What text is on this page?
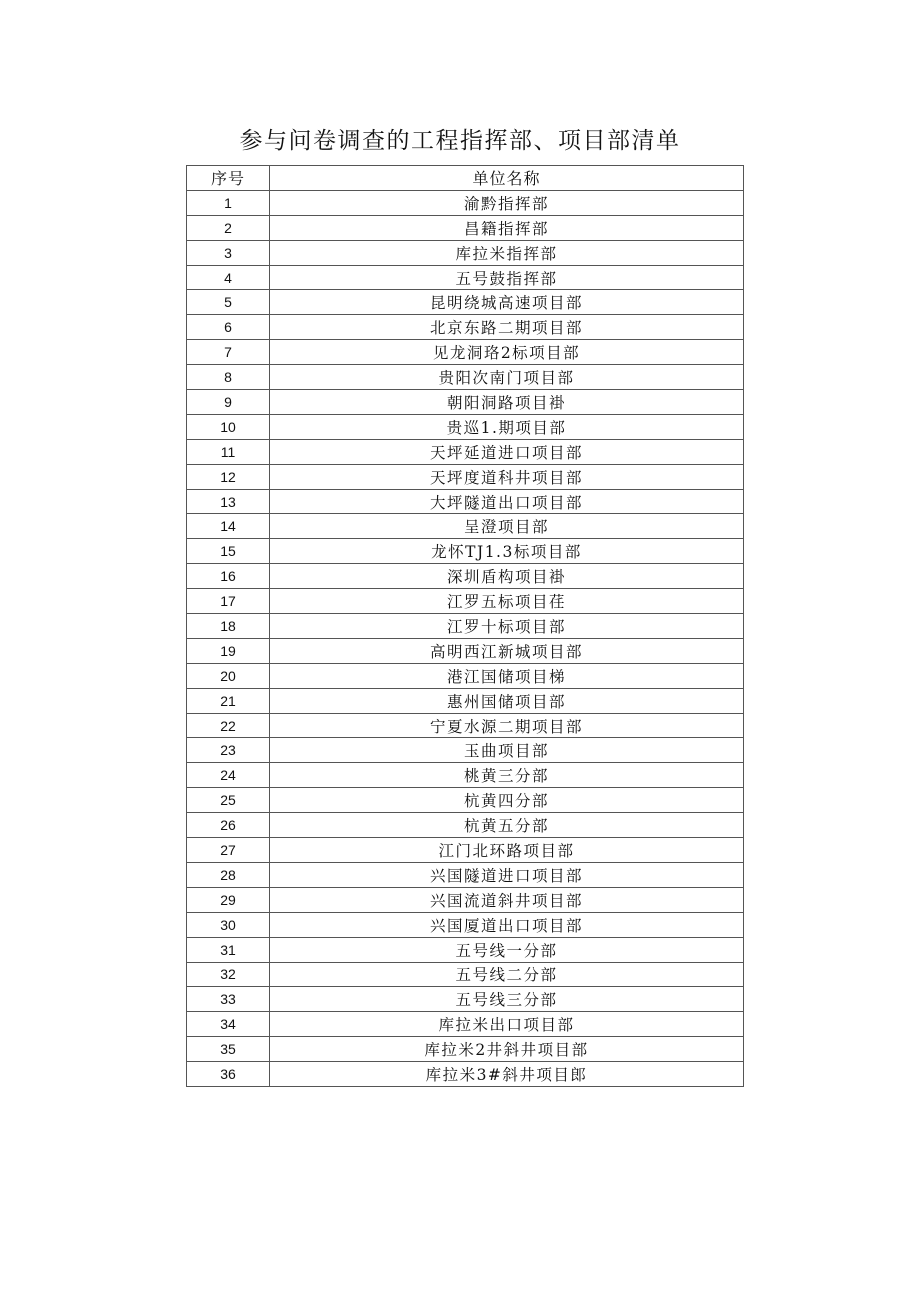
参与问卷调查的工程指挥部、项目部清单
序号	单位名称
1	渝黔指挥部
2	昌籍指挥部
3	库拉米指挥部
4	五号鼓指挥部
5	昆明绕城高速项目部
6	北京东路二期项目部
7	见龙洞珞2标项目部
8	贵阳次南门项目部
9	朝阳洞路项目褂
10	贵巡1.期项目部
11	天坪延道进口项目部
12	天坪度道科井项目部
13	大坪隧道出口项目部
14	呈澄项目部
15	龙怀TJ1.3标项目部
16	深圳盾构项目褂
17	江罗五标项目荏
18	江罗十标项目部
19	高明西江新城项目部
20	港江国储项目梯
21	惠州国储项目部
22	宁夏水源二期项目部
23	玉曲项目部
24	桃黄三分部
25	杭黄四分部
26	杭黄五分部
27	江门北环路项目部
28	兴国隧道进口项目部
29	兴国流道斜井项目部
30	兴国厦道出口项目部
31	五号线一分部
32	五号线二分部
33	五号线三分部
34	库拉米出口项目部
35	库拉米2井斜井项目部
36	库拉米3#斜井项目郎
